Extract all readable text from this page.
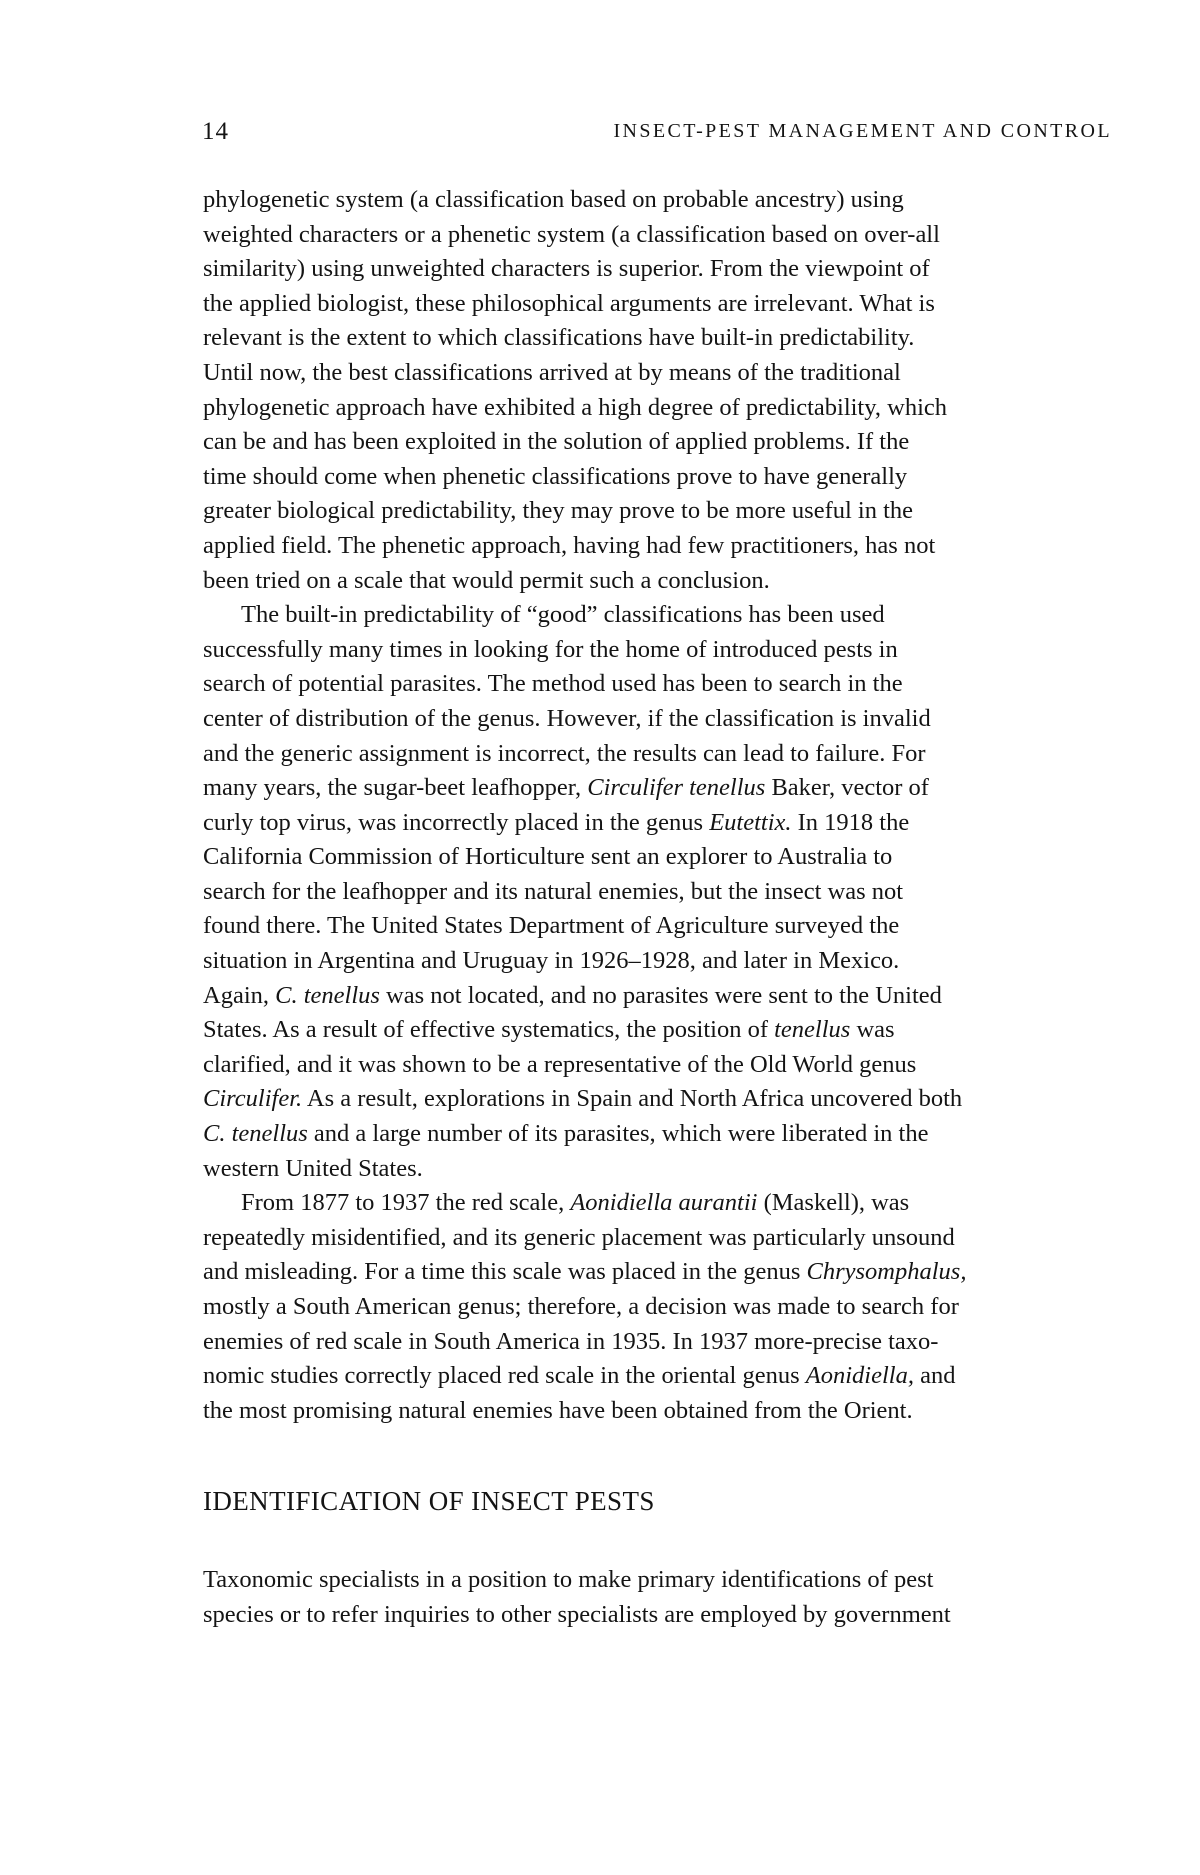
14	INSECT-PEST MANAGEMENT AND CONTROL

phylogenetic system (a classification based on probable ancestry) using
weighted characters or a phenetic system (a classification based on over-all
similarity) using unweighted characters is superior. From the viewpoint of
the applied biologist, these philosophical arguments are irrelevant. What is
relevant is the extent to which classifications have built-in predictability.
Until now, the best classifications arrived at by means of the traditional
phylogenetic approach have exhibited a high degree of predictability, which
can be and has been exploited in the solution of applied problems. If the
time should come when phenetic classifications prove to have generally
greater biological predictability, they may prove to be more useful in the
applied field. The phenetic approach, having had few practitioners, has not
been tried on a scale that would permit such a conclusion.

The built-in predictability of “good” classifications has been used
successfully many times in looking for the home of introduced pests in
search of potential parasites. The method used has been to search in the
center of distribution of the genus. However, if the classification is invalid
and the generic assignment is incorrect, the results can lead to failure. For
many years, the sugar-beet leafhopper, Circulifer tenellus Baker, vector of
curly top virus, was incorrectly placed in the genus Eutettix. In 1918 the
California Commission of Horticulture sent an explorer to Australia to
search for the leafhopper and its natural enemies, but the insect was not
found there. The United States Department of Agriculture surveyed the
situation in Argentina and Uruguay in 1926–1928, and later in Mexico.
Again, C. tenellus was not located, and no parasites were sent to the United
States. As a result of effective systematics, the position of tenellus was
clarified, and it was shown to be a representative of the Old World genus
Circulifer. As a result, explorations in Spain and North Africa uncovered both
C. tenellus and a large number of its parasites, which were liberated in the
western United States.

From 1877 to 1937 the red scale, Aonidiella aurantii (Maskell), was
repeatedly misidentified, and its generic placement was particularly unsound
and misleading. For a time this scale was placed in the genus Chrysomphalus,
mostly a South American genus; therefore, a decision was made to search for
enemies of red scale in South America in 1935. In 1937 more-precise taxo-
nomic studies correctly placed red scale in the oriental genus Aonidiella, and
the most promising natural enemies have been obtained from the Orient.

IDENTIFICATION OF INSECT PESTS
Taxonomic specialists in a position to make primary identifications of pest
species or to refer inquiries to other specialists are employed by government
